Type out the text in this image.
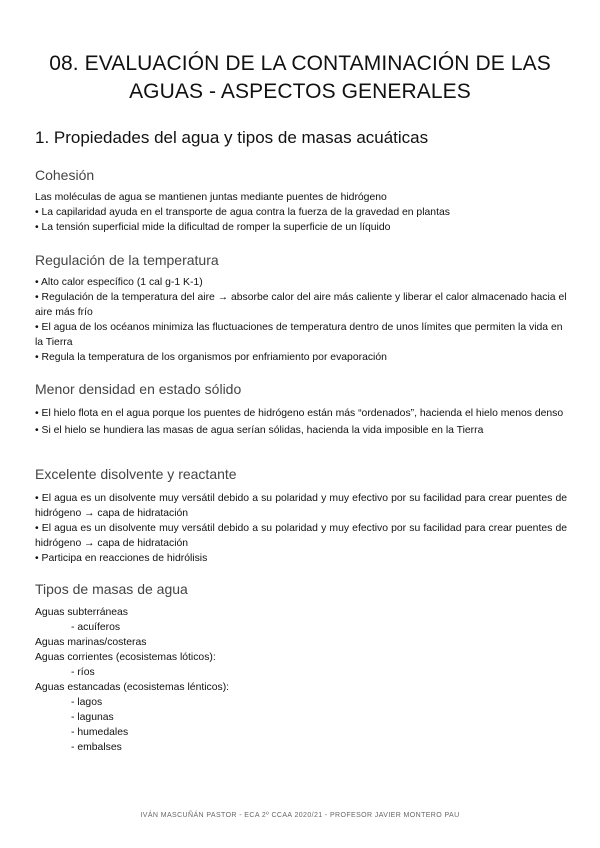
08. EVALUACIÓN DE LA CONTAMINACIÓN DE LAS
AGUAS - ASPECTOS GENERALES
1. Propiedades del agua y tipos de masas acuáticas
Cohesión

Las moléculas de agua se mantienen juntas mediante puentes de hidrógeno

• La capilaridad ayuda en el transporte de agua contra la fuerza de la gravedad en plantas

• La tensión superficial mide la dificultad de romper la superficie de un líquido

Regulación de la temperatura

• Alto calor específico (1 cal g-1 K-1)

• Regulación de la temperatura del aire → absorbe calor del aire más caliente y liberar el calor almacenado hacia el aire más frío

• El agua de los océanos minimiza las fluctuaciones de temperatura dentro de unos límites que permiten la vida en la Tierra

• Regula la temperatura de los organismos por enfriamiento por evaporación

Menor densidad en estado sólido

• El hielo flota en el agua porque los puentes de hidrógeno están más “ordenados”, hacienda el hielo menos denso

• Si el hielo se hundiera las masas de agua serían sólidas, hacienda la vida imposible en la Tierra

Excelente disolvente y reactante

• El agua es un disolvente muy versátil debido a su polaridad y muy efectivo por su facilidad para crear puentes de hidrógeno → capa de hidratación

• El agua es un disolvente muy versátil debido a su polaridad y muy efectivo por su facilidad para crear puentes de hidrógeno → capa de hidratación

• Participa en reacciones de hidrólisis

Tipos de masas de agua

Aguas subterráneas

- acuíferos

Aguas marinas/costeras

Aguas corrientes (ecosistemas lóticos):

- ríos

Aguas estancadas (ecosistemas lénticos):

- lagos

- lagunas

- humedales

- embalses

IVÁN MASCUÑÁN PASTOR - ECA 2º CCAA 2020/21 - PROFESOR JAVIER MONTERO PAU
